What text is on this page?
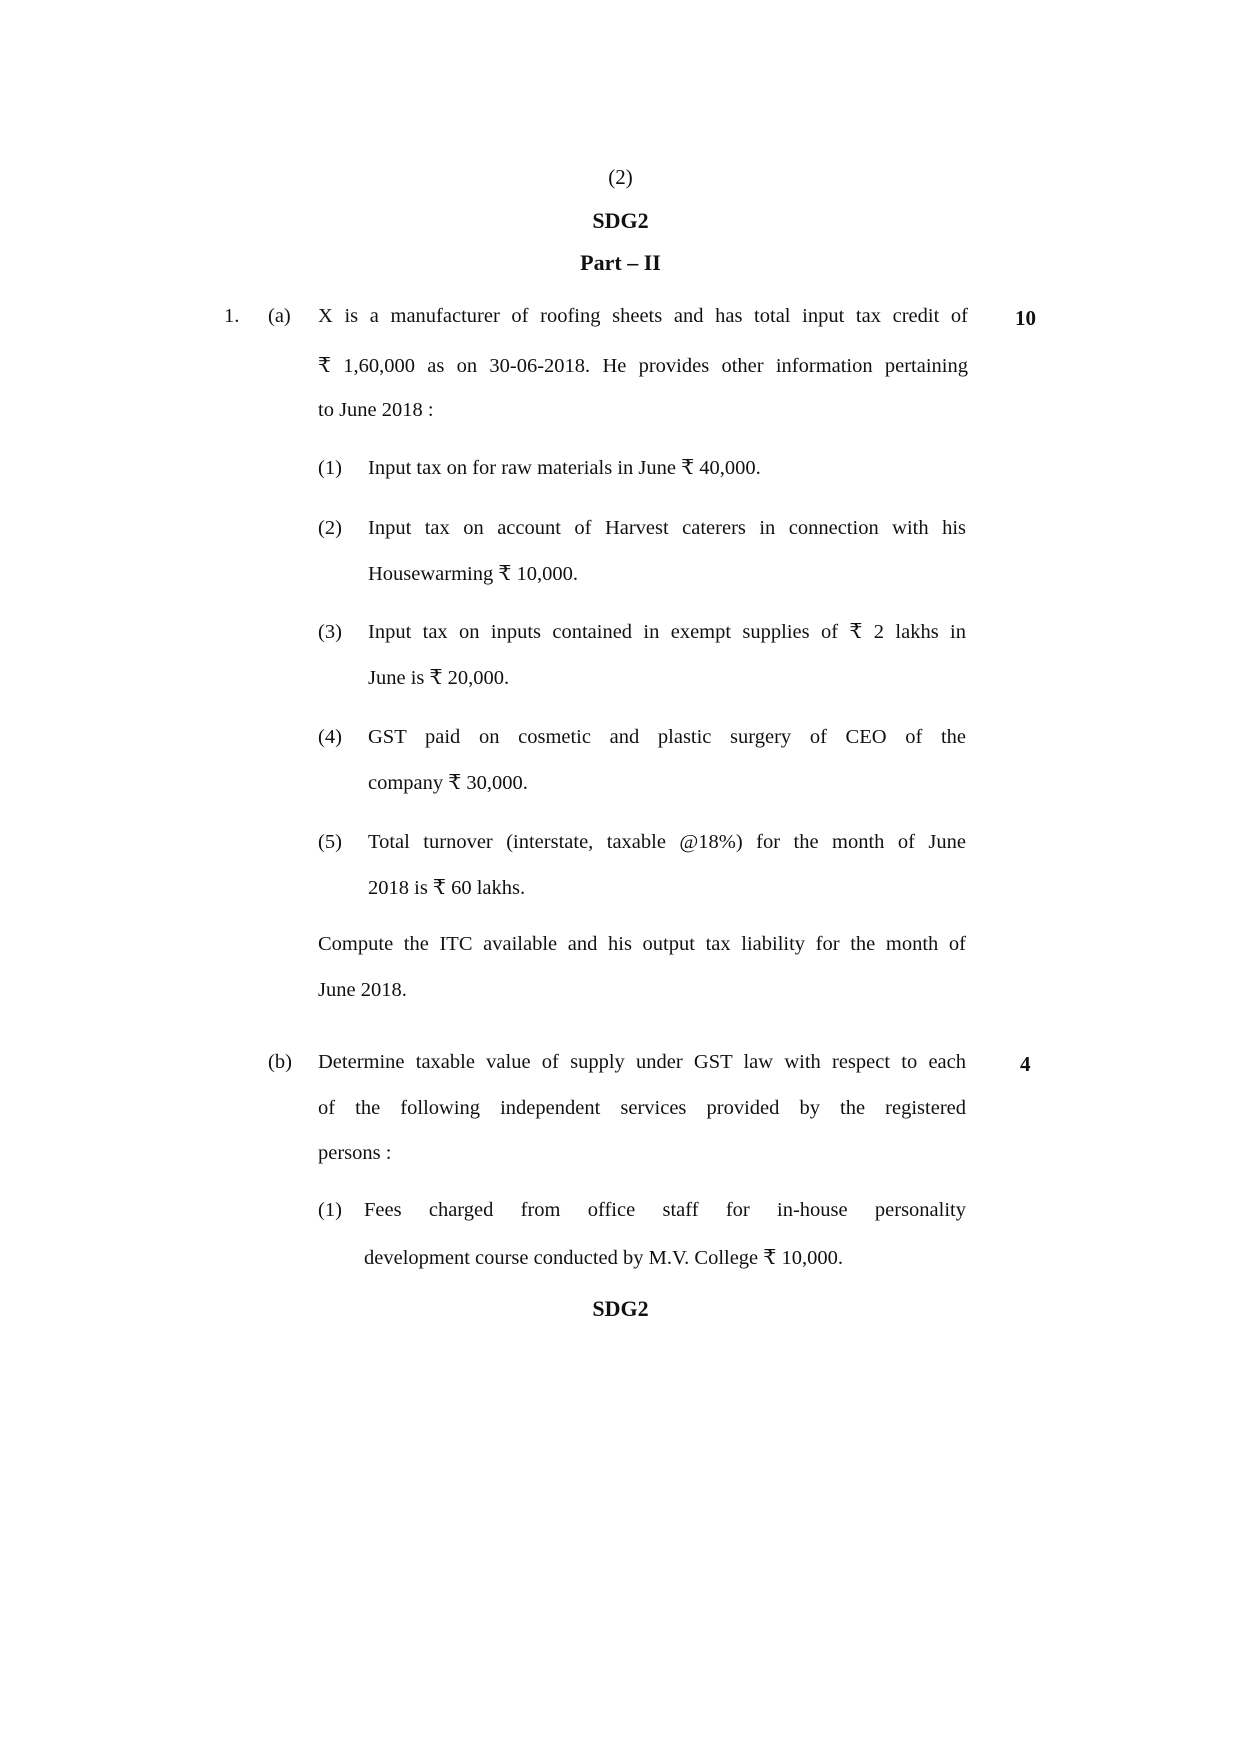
(2)
SDG2
Part – II
1. (a)	10
X is a manufacturer of roofing sheets and has total input tax credit of
₹ 1,60,000 as on 30-06-2018. He provides other information pertaining
to June 2018 :
(1) Input tax on for raw materials in June ₹ 40,000.
(2) Input tax on account of Harvest caterers in connection with his
Housewarming ₹ 10,000.
(3) Input tax on inputs contained in exempt supplies of ₹ 2 lakhs in
June is ₹ 20,000.
(4) GST paid on cosmetic and plastic surgery of CEO of the
company ₹ 30,000.
(5) Total turnover (interstate, taxable @18%) for the month of June
2018 is ₹ 60 lakhs.
Compute the ITC available and his output tax liability for the month of
June 2018.
(b)	4
Determine taxable value of supply under GST law with respect to each
of the following independent services provided by the registered
persons :
(1) Fees charged from office staff for in-house personality
development course conducted by M.V. College ₹ 10,000.
SDG2
